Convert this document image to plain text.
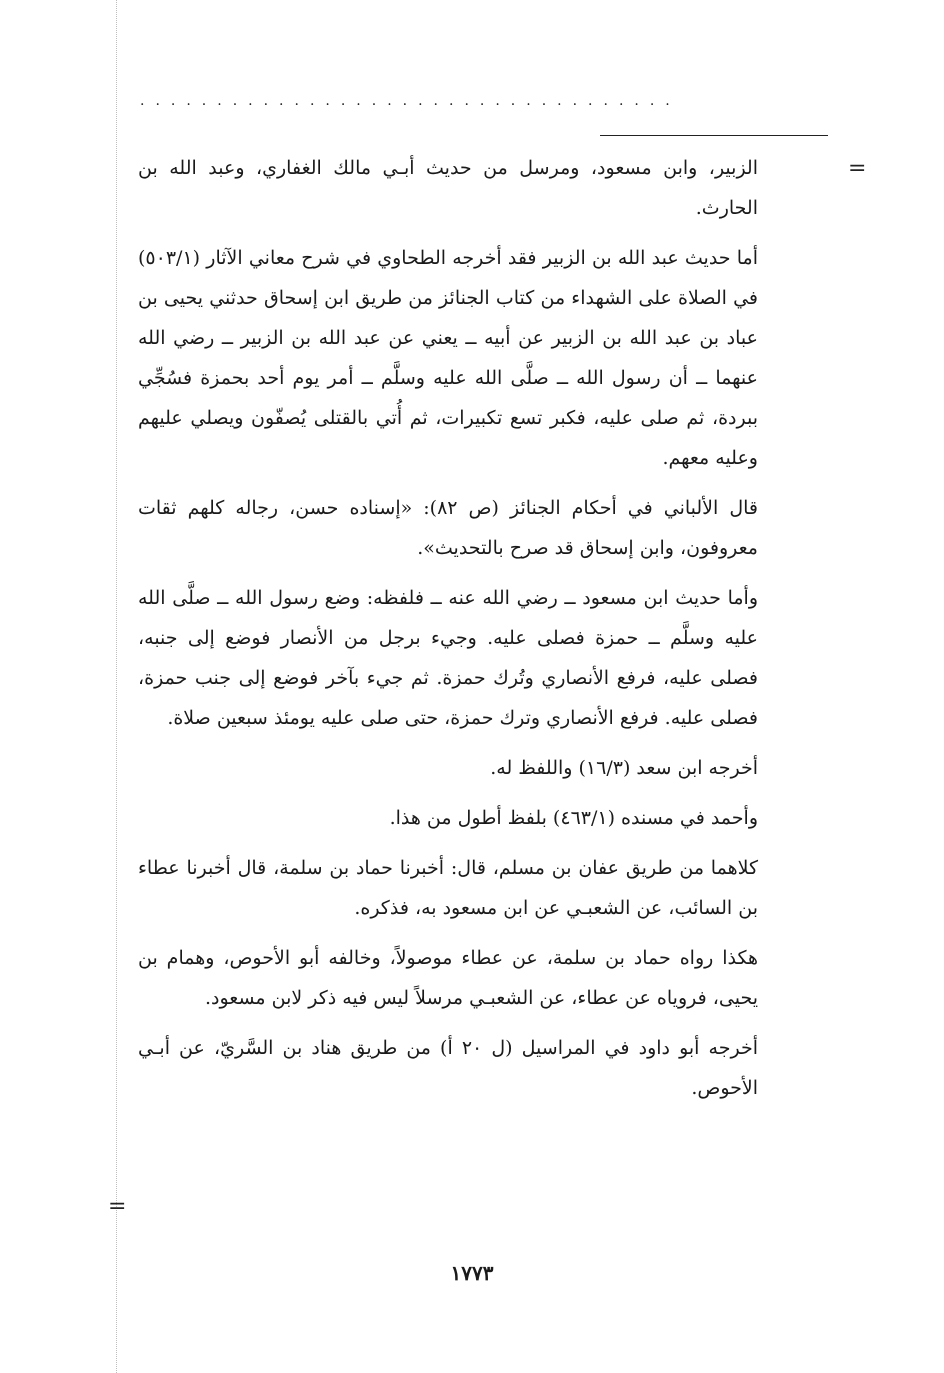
...................................
=

الزبير، وابن مسعود، ومرسل من حديث أبـي مالك الغفاري، وعبد الله بن الحارث.

أما حديث عبد الله بن الزبير فقد أخرجه الطحاوي في شرح معاني الآثار (٥٠٣/١) في الصلاة على الشهداء من كتاب الجنائز من طريق ابن إسحاق حدثني يحيى بن عباد بن عبد الله بن الزبير عن أبيه ــ يعني عن عبد الله بن الزبير ــ رضي الله عنهما ــ أن رسول الله ــ صلَّى الله عليه وسلَّم ــ أمر يوم أحد بحمزة فسُجِّي ببردة، ثم صلى عليه، فكبر تسع تكبيرات، ثم أُتي بالقتلى يُصفّون ويصلي عليهم وعليه معهم.

قال الألباني في أحكام الجنائز (ص ٨٢): «إسناده حسن، رجاله كلهم ثقات معروفون، وابن إسحاق قد صرح بالتحديث».

وأما حديث ابن مسعود ــ رضي الله عنه ــ فلفظه: وضع رسول الله ــ صلَّى الله عليه وسلَّم ــ حمزة فصلى عليه. وجيء برجل من الأنصار فوضع إلى جنبه، فصلى عليه، فرفع الأنصاري وتُرك حمزة. ثم جيء بآخر فوضع إلى جنب حمزة، فصلى عليه. فرفع الأنصاري وترك حمزة، حتى صلى عليه يومئذ سبعين صلاة.

أخرجه ابن سعد (١٦/٣) واللفظ له.

وأحمد في مسنده (٤٦٣/١) بلفظ أطول من هذا.

كلاهما من طريق عفان بن مسلم، قال: أخبرنا حماد بن سلمة، قال أخبرنا عطاء بن السائب، عن الشعبـي عن ابن مسعود به، فذكره.

هكذا رواه حماد بن سلمة، عن عطاء موصولاً، وخالفه أبو الأحوص، وهمام بن يحيى، فروياه عن عطاء، عن الشعبـي مرسلاً ليس فيه ذكر لابن مسعود.

أخرجه أبو داود في المراسيل (ل ٢٠ أ) من طريق هناد بن السَّريّ، عن أبـي الأحوص.

=
١٧٧٣
